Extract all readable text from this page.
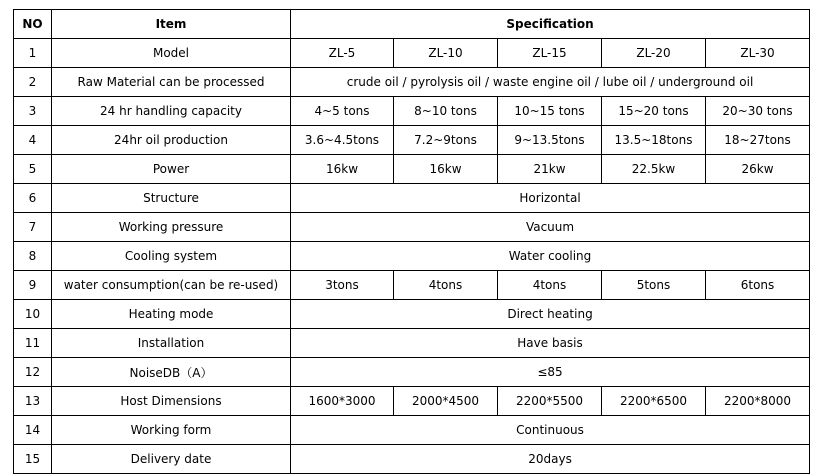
NO	Item	Specification				
1	Model	ZL-5	ZL-10	ZL-15	ZL-20	ZL-30
2	Raw Material can be processed	crude oil / pyrolysis oil / waste engine oil / lube oil / underground oil				
3	24 hr handling capacity	4~5 tons	8~10 tons	10~15 tons	15~20 tons	20~30 tons
4	24hr oil production	3.6~4.5tons	7.2~9tons	9~13.5tons	13.5~18tons	18~27tons
5	Power	16kw	16kw	21kw	22.5kw	26kw
6	Structure	Horizontal				
7	Working pressure	Vacuum				
8	Cooling system	Water cooling				
9	water consumption(can be re-used)	3tons	4tons	4tons	5tons	6tons
10	Heating mode	Direct heating				
11	Installation	Have basis				
12	NoiseDB（A）	≤85				
13	Host Dimensions	1600*3000	2000*4500	2200*5500	2200*6500	2200*8000
14	Working form	Continuous				
15	Delivery date	20days				
